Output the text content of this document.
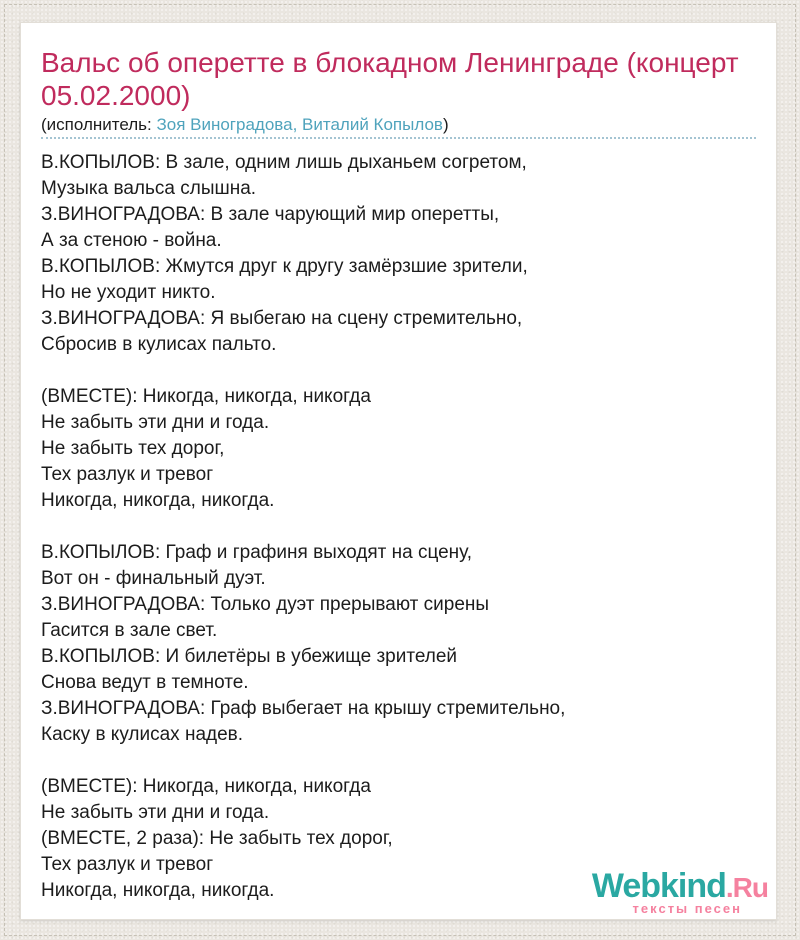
Вальс об оперетте в блокадном Ленинграде (концерт 05.02.2000)

(исполнитель: Зоя Виноградова, Виталий Копылов)

В.КОПЫЛОВ: В зале, одним лишь дыханьем согретом,
Музыка вальса слышна.
З.ВИНОГРАДОВА: В зале чарующий мир оперетты,
А за стеною - война.
В.КОПЫЛОВ: Жмутся друг к другу замёрзшие зрители,
Но не уходит никто.
З.ВИНОГРАДОВА: Я выбегаю на сцену стремительно,
Сбросив в кулисах пальто.
(ВМЕСТЕ): Никогда, никогда, никогда
Не забыть эти дни и года.
Не забыть тех дорог,
Тех разлук и тревог
Никогда, никогда, никогда.
В.КОПЫЛОВ: Граф и графиня выходят на сцену,
Вот он - финальный дуэт.
З.ВИНОГРАДОВА: Только дуэт прерывают сирены
Гасится в зале свет.
В.КОПЫЛОВ: И билетёры в убежище зрителей
Снова ведут в темноте.
З.ВИНОГРАДОВА: Граф выбегает на крышу стремительно,
Каску в кулисах надев.
(ВМЕСТЕ): Никогда, никогда, никогда
Не забыть эти дни и года.
(ВМЕСТЕ, 2 раза): Не забыть тех дорог,
Тех разлук и тревог
Никогда, никогда, никогда.	Webkind.Ru
тексты песен
